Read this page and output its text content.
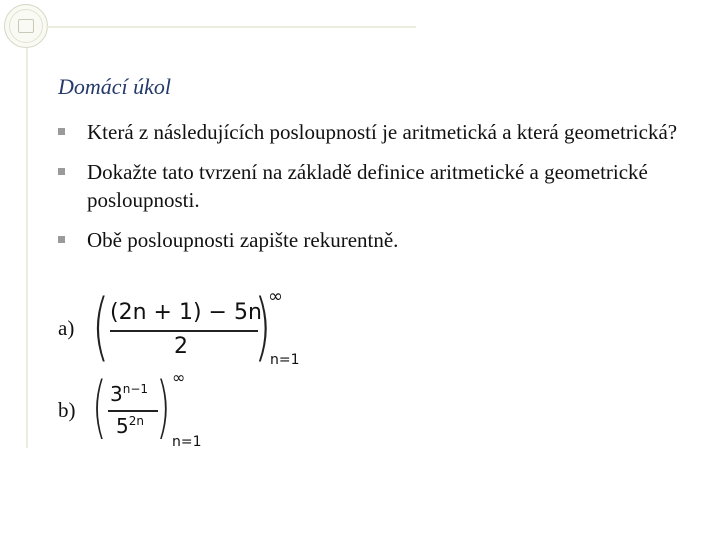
Domácí úkol
Která z následujících posloupností je aritmetická a která geometrická?
Dokažte tato tvrzení na základě definice aritmetické a geometrické posloupnosti.
Obě posloupnosti zapište rekurentně.
a) ( (2n + 1) − 5n
2 )
∞
n=1
b) ( $3^{n-1}$
$5^{2n}$ ) ∞
n=1
